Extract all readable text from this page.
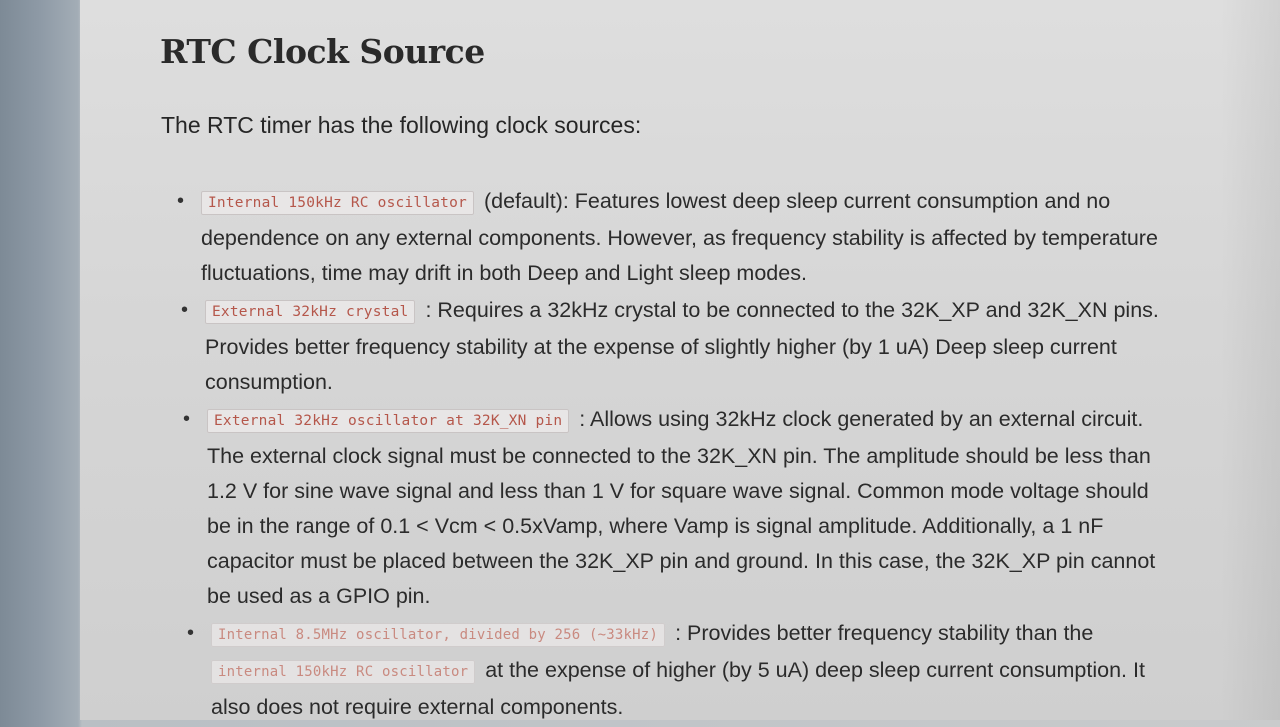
RTC Clock Source

The RTC timer has the following clock sources:

• Internal 150kHz RC oscillator (default): Features lowest deep sleep current consumption and no dependence on any external components. However, as frequency stability is affected by temperature fluctuations, time may drift in both Deep and Light sleep modes.
• External 32kHz crystal : Requires a 32kHz crystal to be connected to the 32K_XP and 32K_XN pins. Provides better frequency stability at the expense of slightly higher (by 1 uA) Deep sleep current consumption.
• External 32kHz oscillator at 32K_XN pin : Allows using 32kHz clock generated by an external circuit. The external clock signal must be connected to the 32K_XN pin. The amplitude should be less than 1.2 V for sine wave signal and less than 1 V for square wave signal. Common mode voltage should be in the range of 0.1 < Vcm < 0.5xVamp, where Vamp is signal amplitude. Additionally, a 1 nF capacitor must be placed between the 32K_XP pin and ground. In this case, the 32K_XP pin cannot be used as a GPIO pin.
• Internal 8.5MHz oscillator, divided by 256 (~33kHz) : Provides better frequency stability than the internal 150kHz RC oscillator at the expense of higher (by 5 uA) deep sleep current consumption. It also does not require external components.
